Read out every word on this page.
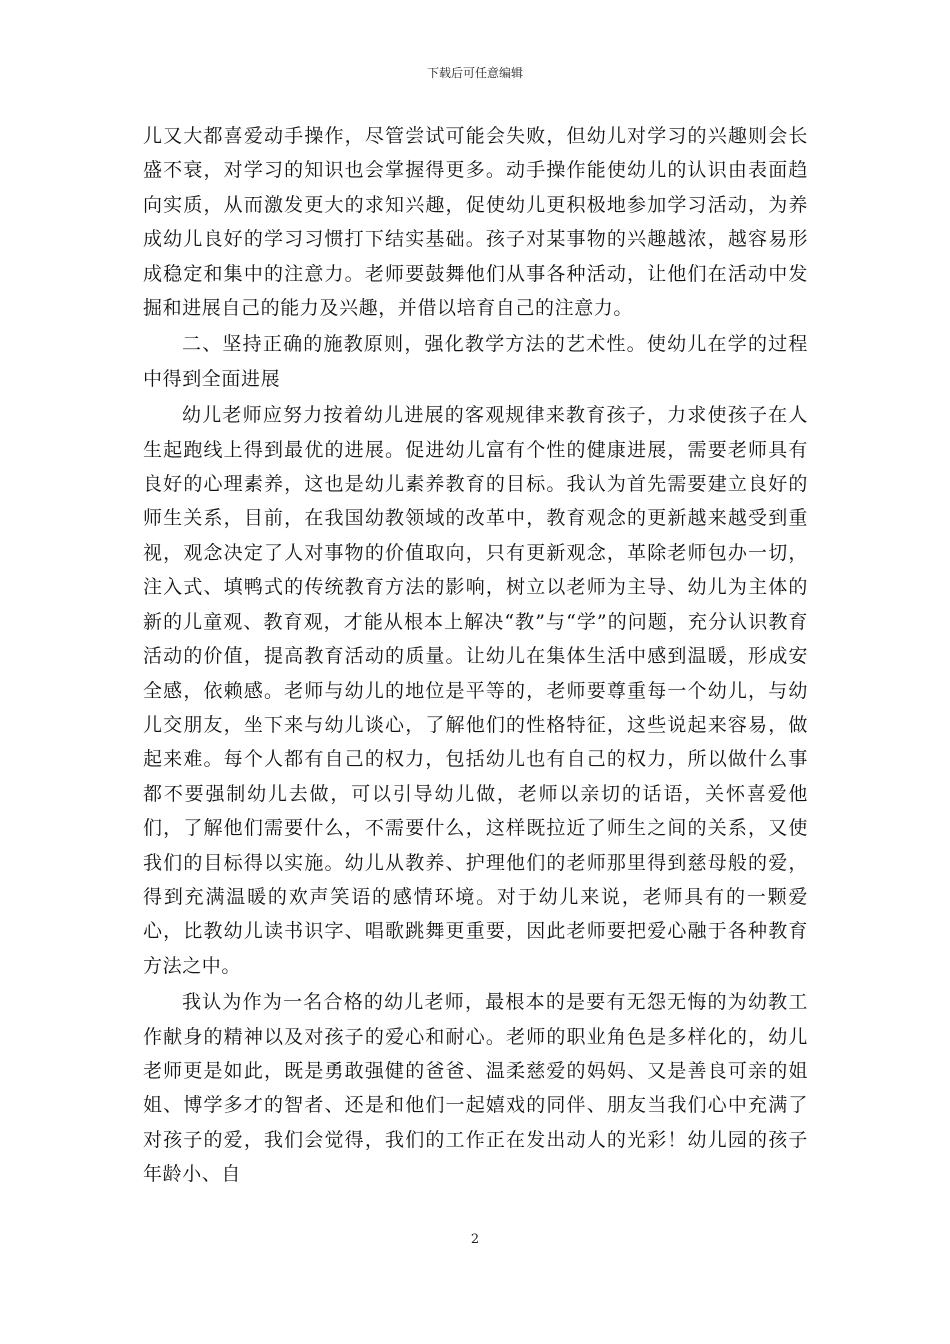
下载后可任意编辑

儿又大都喜爱动手操作，尽管尝试可能会失败，但幼儿对学习的兴趣则会长盛不衰，对学习的知识也会掌握得更多。动手操作能使幼儿的认识由表面趋向实质，从而激发更大的求知兴趣，促使幼儿更积极地参加学习活动，为养成幼儿良好的学习习惯打下结实基础。孩子对某事物的兴趣越浓，越容易形成稳定和集中的注意力。老师要鼓舞他们从事各种活动，让他们在活动中发掘和进展自己的能力及兴趣，并借以培育自己的注意力。

二、坚持正确的施教原则，强化教学方法的艺术性。使幼儿在学的过程中得到全面进展

幼儿老师应努力按着幼儿进展的客观规律来教育孩子，力求使孩子在人生起跑线上得到最优的进展。促进幼儿富有个性的健康进展，需要老师具有良好的心理素养，这也是幼儿素养教育的目标。我认为首先需要建立良好的师生关系，目前，在我国幼教领域的改革中，教育观念的更新越来越受到重视，观念决定了人对事物的价值取向，只有更新观念，革除老师包办一切，注入式、填鸭式的传统教育方法的影响，树立以老师为主导、幼儿为主体的新的儿童观、教育观，才能从根本上解决“教”与“学”的问题，充分认识教育活动的价值，提高教育活动的质量。让幼儿在集体生活中感到温暖，形成安全感，依赖感。老师与幼儿的地位是平等的，老师要尊重每一个幼儿，与幼儿交朋友，坐下来与幼儿谈心，了解他们的性格特征，这些说起来容易，做起来难。每个人都有自己的权力，包括幼儿也有自己的权力，所以做什么事都不要强制幼儿去做，可以引导幼儿做，老师以亲切的话语，关怀喜爱他们，了解他们需要什么，不需要什么，这样既拉近了师生之间的关系，又使我们的目标得以实施。幼儿从教养、护理他们的老师那里得到慈母般的爱，得到充满温暖的欢声笑语的感情环境。对于幼儿来说，老师具有的一颗爱心，比教幼儿读书识字、唱歌跳舞更重要，因此老师要把爱心融于各种教育方法之中。

我认为作为一名合格的幼儿老师，最根本的是要有无怨无悔的为幼教工作献身的精神以及对孩子的爱心和耐心。老师的职业角色是多样化的，幼儿老师更是如此，既是勇敢强健的爸爸、温柔慈爱的妈妈、又是善良可亲的姐姐、博学多才的智者、还是和他们一起嬉戏的同伴、朋友当我们心中充满了对孩子的爱，我们会觉得，我们的工作正在发出动人的光彩！幼儿园的孩子年龄小、自

2
